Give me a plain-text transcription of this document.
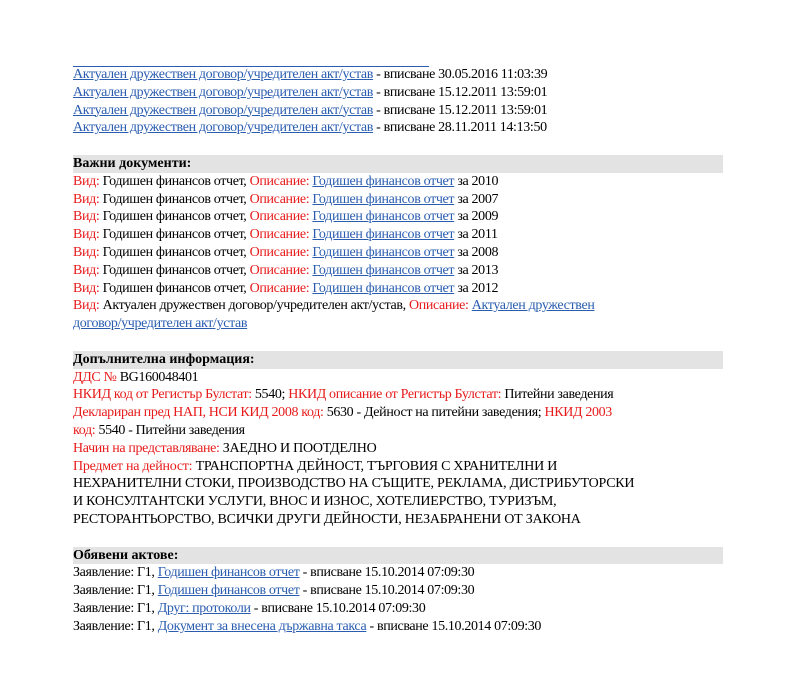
Актуален дружествен договор/учредителен акт/устав - вписване 30.05.2016 11:03:39
Актуален дружествен договор/учредителен акт/устав - вписване 15.12.2011 13:59:01
Актуален дружествен договор/учредителен акт/устав - вписване 15.12.2011 13:59:01
Актуален дружествен договор/учредителен акт/устав - вписване 28.11.2011 14:13:50
Важни документи:
Вид: Годишен финансов отчет, Описание: Годишен финансов отчет за 2010
Вид: Годишен финансов отчет, Описание: Годишен финансов отчет за 2007
Вид: Годишен финансов отчет, Описание: Годишен финансов отчет за 2009
Вид: Годишен финансов отчет, Описание: Годишен финансов отчет за 2011
Вид: Годишен финансов отчет, Описание: Годишен финансов отчет за 2008
Вид: Годишен финансов отчет, Описание: Годишен финансов отчет за 2013
Вид: Годишен финансов отчет, Описание: Годишен финансов отчет за 2012
Вид: Актуален дружествен договор/учредителен акт/устав, Описание: Актуален дружествен
договор/учредителен акт/устав
Допълнителна информация:
ДДС № BG160048401
НКИД код от Регистър Булстат: 5540; НКИД описание от Регистър Булстат: Питейни заведения
Деклариран пред НАП, НСИ КИД 2008 код: 5630 - Дейност на питейни заведения; НКИД 2003
код: 5540 - Питейни заведения
Начин на представляване: ЗАЕДНО И ПООТДЕЛНО
Предмет на дейност: ТРАНСПОРТНА ДЕЙНОСТ, ТЪРГОВИЯ С ХРАНИТЕЛНИ И
НЕХРАНИТЕЛНИ СТОКИ, ПРОИЗВОДСТВО НА СЪЩИТЕ, РЕКЛАМА, ДИСТРИБУТОРСКИ
И КОНСУЛТАНТСКИ УСЛУГИ, ВНОС И ИЗНОС, ХОТЕЛИЕРСТВО, ТУРИЗЪМ,
РЕСТОРАНТЬОРСТВО, ВСИЧКИ ДРУГИ ДЕЙНОСТИ, НЕЗАБРАНЕНИ ОТ ЗАКОНА
Обявени актове:
Заявление: Г1, Годишен финансов отчет - вписване 15.10.2014 07:09:30
Заявление: Г1, Годишен финансов отчет - вписване 15.10.2014 07:09:30
Заявление: Г1, Друг: протоколи - вписване 15.10.2014 07:09:30
Заявление: Г1, Документ за внесена държавна такса - вписване 15.10.2014 07:09:30
